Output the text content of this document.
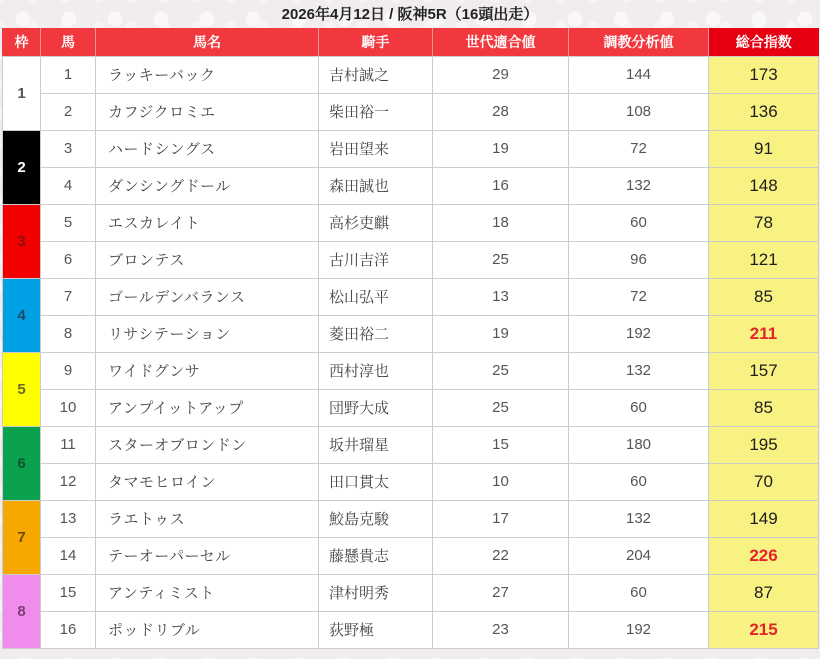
2026年4月12日 / 阪神5R（16頭出走）
枠	馬	馬名	騎手	世代適合値	調教分析値	総合指数
1	1	ラッキーバック	吉村誠之	29	144	173
	2	カフジクロミエ	柴田裕一	28	108	136
2	3	ハードシングス	岩田望来	19	72	91
	4	ダンシングドール	森田誠也	16	132	148
3	5	エスカレイト	高杉吏麒	18	60	78
	6	ブロンテス	古川吉洋	25	96	121
4	7	ゴールデンバランス	松山弘平	13	72	85
	8	リサシテーション	菱田裕二	19	192	211
5	9	ワイドグンサ	西村淳也	25	132	157
	10	アンプイットアップ	団野大成	25	60	85
6	11	スターオブロンドン	坂井瑠星	15	180	195
	12	タマモヒロイン	田口貫太	10	60	70
7	13	ラエトゥス	鮫島克駿	17	132	149
	14	テーオーパーセル	藤懸貴志	22	204	226
8	15	アンティミスト	津村明秀	27	60	87
	16	ポッドリブル	荻野極	23	192	215
